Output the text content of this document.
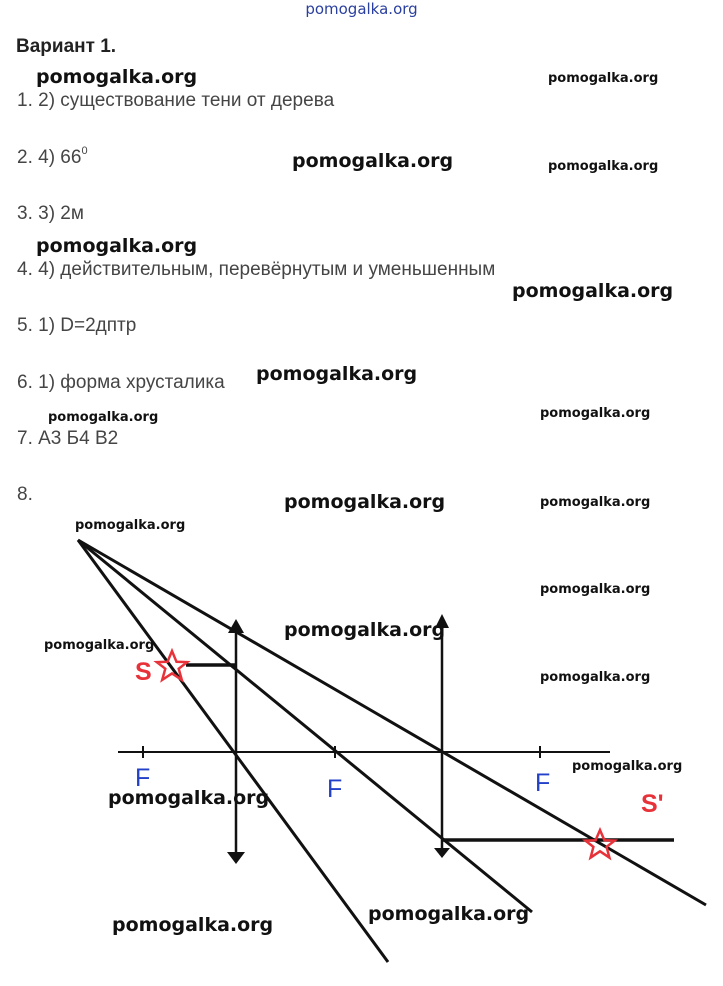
pomogalka.org
Вариант 1.
1. 2) существование тени от дерева
2. 4) $66^0$
3. 3) 2м
4. 4) действительным, перевёрнутым и уменьшенным
5. 1) D=2дптр
6. 1) форма хрусталика
7. А3 Б4 В2
8.
S
S'
F	F	F
pomogalka.org	pomogalka.org
pomogalka.org	pomogalka.org
pomogalka.org
pomogalka.org
pomogalka.org
pomogalka.org	pomogalka.org
pomogalka.org	pomogalka.org
pomogalka.org
pomogalka.org
pomogalka.org
pomogalka.org
pomogalka.org
pomogalka.org
pomogalka.org
pomogalka.org
pomogalka.org
